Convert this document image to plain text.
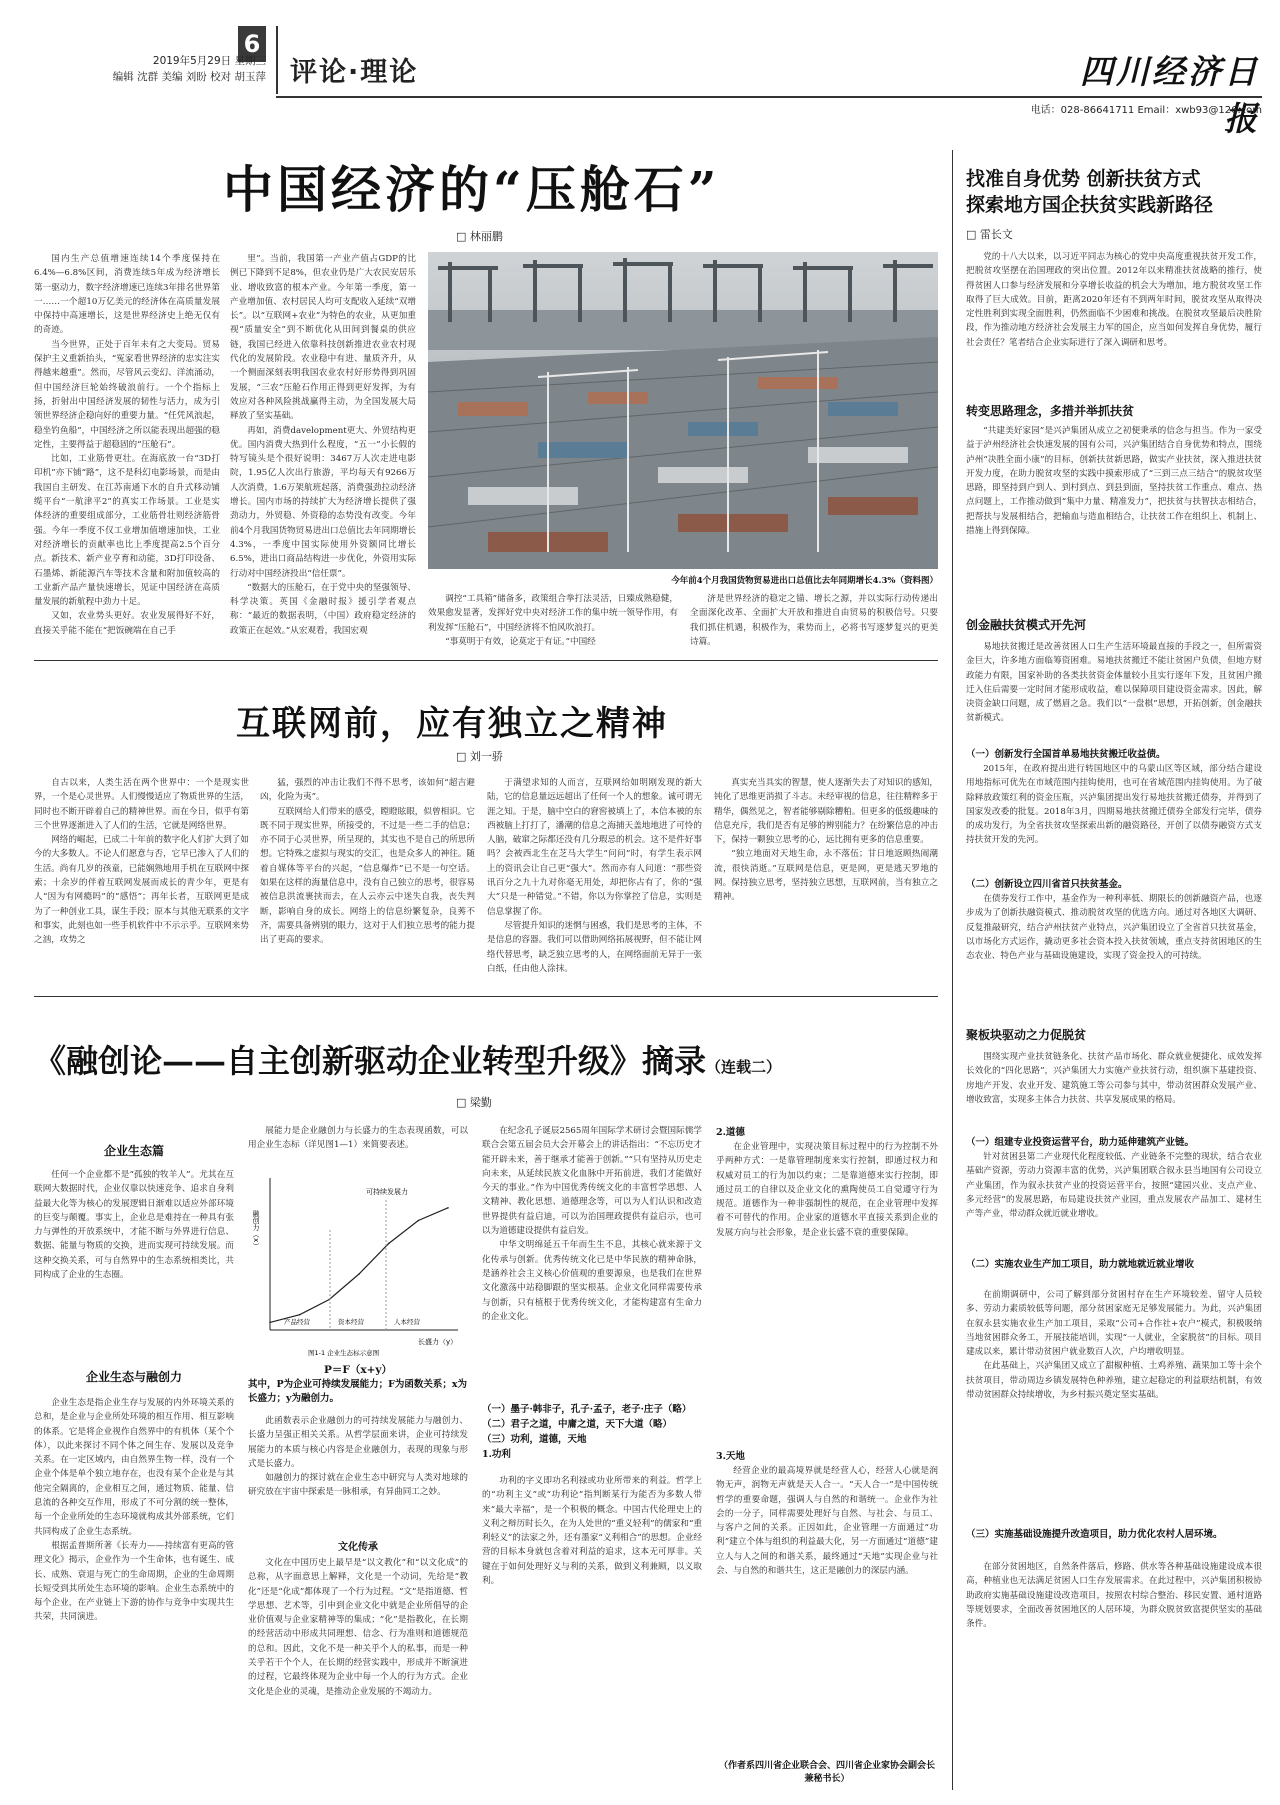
6
2019年5月29日 星期三
编辑 沈群 美编 刘盼 校对 胡玉萍 评论·理论	四川经济日报
电话：028-86641711 Email：xwb93@126.com
中国经济的“压舱石”
□ 林丽鹏

国内生产总值增速连续14个季度保持在6.4%—6.8%区间，消费连续5年成为经济增长第一驱动力，数字经济增速已连续3年排名世界第一……一个超10万亿美元的经济体在高质量发展中保持中高速增长，这是世界经济史上绝无仅有的奇迹。

当今世界，正处于百年未有之大变局。贸易保护主义重新抬头，“冤家看世界经济的忠实注实得越来越重”。然而，尽管风云变幻、洋流涌动，但中国经济巨轮始终破浪前行。一个个指标上扬，折射出中国经济发展的韧性与活力，成为引领世界经济企稳向好的重要力量。“任凭风浪起，稳坐钓鱼船”，中国经济之所以能表现出超强的稳定性，主要得益于超稳固的“压舱石”。

比如，工业筋骨更壮。在海底放一台“3D打印机”亦下铺“路”，这不是科幻电影场景，而是由我国自主研发、在江苏南通下水的自升式移动铺缆平台“一航津平2”的真实工作场景。工业是实体经济的重要组成部分，工业筋骨壮则经济筋骨强。今年一季度不仅工业增加值增速加快，工业对经济增长的贡献率也比上季度提高2.5个百分点。新技术、新产业亨育和动能，3D打印设备、石墨烯、新能源汽车等技术含量和附加值较高的工业新产品产量快速增长，见证中国经济在高质量发展的新航程中劲力十足。

又如，农业势头更好。农业发展得好不好，直接关乎能不能在“把饭碗端在自己手

里”。当前，我国第一产业产值占GDP的比例已下降到不足8%，但农业仍是广大农民安居乐业、增收致富的根本产业。今年第一季度，第一产业增加值、农村居民人均可支配收入延续“双增长”。以“互联网+农业”为特色的农业，从更加重视“质量安全”到不断优化从田间到餐桌的供应链，我国已经进入依靠科技创新推进农业农村现代化的发展阶段。农业稳中有进、量质齐升，从一个侧面深刻表明我国农业农村好形势得到巩固发展，“三农”压舱石作用正得到更好发挥，为有效应对各种风险挑战赢得主动，为全国发展大局释放了坚实基础。

再如，消费davelopment更大、外贸结构更优。国内消费大热到什么程度，“五一”小长假的特写镜头是个很好说明：3467万人次走进电影院，1.95亿人次出行旅游，平均每天有9266万人次消费，1.6万架航班起落，消费强劲拉动经济增长。国内市场的持续扩大为经济增长提供了强劲动力，外贸稳、外资稳的态势没有改变。今年前4个月我国货物贸易进出口总值比去年同期增长4.3%，一季度中国实际使用外资额同比增长6.5%，进出口商品结构进一步优化，外资用实际行动对中国经济投出“信任票”。

“数据大的压舱石，在于党中央的坚强领导、科学决策。英国《金融时报》援引学者观点称：“最近的数据表明，（中国）政府稳定经济的政策正在起效。”从宏观看，我国宏观

今年前4个月我国货物贸易进出口总值比去年同期增长4.3%（资料图）

调控“工具箱”储备多，政策组合拳打法灵活，日臻成熟稳健，效果愈发显著，发挥好党中央对经济工作的集中统一领导作用，有利发挥“压舱石”，中国经济将不怕风吹浪打。

“事莫明于有效，论莫定于有证。”中国经

济是世界经济的稳定之锚、增长之源，并以实际行动传递出全面深化改革、全面扩大开放和推进自由贸易的积极信号。只要我们抓住机遇，积极作为，乘势而上，必将书写逐梦复兴的更美诗篇。

互联网前，应有独立之精神
□ 刘一骄

自古以来，人类生活在两个世界中：一个是现实世界，一个是心灵世界。人们慢慢适应了物质世界的生活，同时也不断开辟着自己的精神世界。而在今日，似乎有第三个世界逐渐进入了人们的生活，它就是网络世界。

网络的崛起，已成二十年前的数字化人们扩大到了如今的大多数人。不论人们愿意与否，它早已渗入了人们的生活。尚有几岁的孩童，已能娴熟地用手机在互联网中探索；十余岁的伴着互联网发展而成长的青少年，更是有人“因为有网瘾吗”的“感悟”；再年长者，互联网更是成为了一种创业工具，谋生手段；原本与其他无联系的文字和事实，此刻也如一些手机软件中不示示乎。互联网来势之汹，攻势之

猛，强烈的冲击让我们不得不思考，该如何“超吉避凶，化险为夷”。

互联网给人们带来的感受，瞠瞪眩眼，似曾相识。它既不同于现实世界，所接受的，不过是一些二手的信息；亦不同于心灵世界，所呈现的，其实也不是自己的所思所想。它特殊之虚拟与现实的交汇，也是众多人的神往。随着自媒体等平台的兴起，“信息爆炸”已不是一句空话。如果在这样的海量信息中，没有自己独立的思考，很容易被信息洪流裹挟而去，在人云亦云中迷失自我，丧失判断，影响自身的成长。网络上的信息纷繁复杂，良莠不齐，需要具备辨别的眼力，这对于人们独立思考的能力提出了更高的要求。

于满望求知的人而言，互联网给如明刚发现的新大陆，它的信息量远远超出了任何一个人的想象。诚可谓无涯之知。于是，脑中空白的窘窖被填上了，本信本被的东西被脑上打打了，潘潮的信息之海捕天盖地地进了可怜的人脑，破窜之际都还没有几分瑕忌的机会。这不是件好事吗？会被西北生在芝马大学生“问问”时，有学生表示网上的资讯会让自己更“强大”。然而亦有人问道：“那些资讯百分之九十九对你毫无用处，却把你占有了，你的“强大”只是一种错觉。”不错，你以为你掌控了信息，实则是信息掌握了你。

尽管提升知识的迷惘与困惑，我们是思考的主体，不是信息的容器。我们可以借助网络拓展视野，但不能让网络代替思考，缺乏独立思考的人，在网络面前无异于一张白纸，任由他人涂抹。

真实充当具实的智慧，使人逐渐失去了对知识的感知，钝化了思维更消损了斗志。未经审视的信息，往往精粹多于精华，偶然见之，智者能够剔除糟粕。但更多的低级趣味的信息充斥，我们是否有足够的辨别能力？在纷繁信息的冲击下，保持一颗独立思考的心，远比拥有更多的信息重要。

“独立地面对天地生命，永不落伍；甘日地返顾热闹潮流，很快消逝。”互联网是信息，更是网，更是逃天罗地的网。保持独立思考，坚持独立思想，互联网前，当有独立之精神。

《融创论——自主创新驱动企业转型升级》摘录（连载二）
□ 梁勤
企业生态篇

任何一个企业都不是“孤独的牧羊人”。尤其在互联网大数据时代，企业仅靠以快速竞争、追求自身利益最大化等为核心的发展逻辑日渐难以适应外部环境的巨变与颠覆。事实上，企业总是难持在一种具有张力与弹性的开放系统中，才能不断与外界进行信息、数据、能量与物质的交换，进而实现可持续发展。而这种交换关系，可与自然界中的生态系统相类比，共同构成了企业的生态圈。

企业生态与融创力

企业生态是指企业生存与发展的内外环境关系的总和，是企业与企业所处环境的相互作用、相互影响的体系。它是将企业视作自然界中的有机体（某个个体），以此来探讨不同个体之间生存、发展以及竞争关系。在一定区域内，由自然界生物一样，没有一个企业个体是单个独立地存在，也没有某个企业是与其他完全隔离的，企业相互之间，通过物质、能量、信息流的各种交互作用，形成了不可分割的统一整体，每一个企业所处的生态环境就构成其外部系统，它们共同构成了企业生态系统。

根据孟普斯所著《长寿力——持续富有更高的管理文化》揭示，企业作为一个生命体，也有诞生、成长、成熟、衰退与死亡的生命周期，企业的生命周期长短受到其所处生态环境的影响。企业生态系统中的每个企业，在产业链上下游的协作与竞争中实现共生共荣，共同演进。

展能力是企业融创力与长盛力的生态表现函数，可以用企业生态标（详见图1—1）来简要表述。

融创力（x）
长盛力（y）
可持续发展力
产品经营	资本经营	人本经营
图1-1 企业生态标示意图
P＝F（x+y）
其中，P为企业可持续发展能力；F为函数关系；x为长盛力；y为融创力。

此函数表示企业融创力的可持续发展能力与融创力、长盛力呈强正相关关系。从哲学层面来讲，企业可持续发展能力的本质与核心内容是企业融创力，表现的现象与形式是长盛力。

如融创力的探讨就在企业生态中研究与人类对地球的研究放在宇宙中探索是一脉相承，有异曲同工之妙。

文化传承

文化在中国历史上最早是“以文教化”和“以文化成”的总称，从字面意思上解释，文化是一个动词，先给是“教化”还是“化成”都体现了一个行为过程。“文”是指道德、哲学思想、艺术等，引申到企业文化中就是企业所倡导的企业价值观与企业家精神等的集成；“化”是指教化，在长期的经营活动中形成共同理想、信念、行为准则和道德规范的总和。因此，文化不是一种关乎个人的私事，而是一种关乎若干个个人，在长期的经营实践中，形成并不断演进的过程，它最终体现为企业中每一个人的行为方式。企业文化是企业的灵魂，是推动企业发展的不竭动力。

在纪念孔子诞辰2565周年国际学术研讨会暨国际儒学联合会第五届会员大会开幕会上的讲话指出：“不忘历史才能开辟未来，善于继承才能善于创新。”“只有坚持从历史走向未来，从延续民族文化血脉中开拓前进，我们才能做好今天的事业。”作为中国优秀传统文化的丰富哲学思想、人文精神、教化思想、道德理念等，可以为人们认识和改造世界提供有益启迪，可以为治国理政提供有益启示，也可以为道德建设提供有益启发。

中华文明绵延五千年而生生不息，其核心就来源于文化传承与创新。优秀传统文化已是中华民族的精神命脉，是涵养社会主义核心价值观的重要源泉，也是我们在世界文化激荡中站稳脚跟的坚实根基。企业文化同样需要传承与创新，只有植根于优秀传统文化，才能构建富有生命力的企业文化。

（一）墨子·韩非子，孔子·孟子，老子·庄子（略）
（二）君子之道，中庸之道，天下大道（略）
（三）功利，道德，天地
1.功利

功利的字义即功名利禄或功业所带来的利益。哲学上的“功利主义”或“功利论”指判断某行为能否为多数人带来“最大幸福”，是一个积极的概念。中国古代伦理史上的义利之辩历时长久，在为人处世的“重义轻利”的儒家和“重利轻义”的法家之外，还有墨家“义利相合”的思想。企业经营的目标本身就包含着对利益的追求，这本无可厚非。关键在于如何处理好义与利的关系，做到义利兼顾，以义取利。

2.道德

在企业管理中，实现决策目标过程中的行为控制不外乎两种方式：一是靠管理制度来实行控制，即通过权力和权威对员工的行为加以约束；二是靠道德来实行控制，即通过员工的自律以及企业文化的熏陶使员工自觉遵守行为规范。道德作为一种非强制性的规范，在企业管理中发挥着不可替代的作用。企业家的道德水平直接关系到企业的发展方向与社会形象，是企业长盛不衰的重要保障。

3.天地

经营企业的最高境界就是经营人心，经营人心就是润物无声，润物无声就是天人合一。“天人合一”是中国传统哲学的重要命题，强调人与自然的和谐统一。企业作为社会的一分子，同样需要处理好与自然、与社会、与员工、与客户之间的关系。正因如此，企业管理一方面通过“功利”建立个体与组织的利益最大化，另一方面通过“道德”建立人与人之间的和谐关系，最终通过“天地”实现企业与社会、与自然的和谐共生，这正是融创力的深层内涵。

（作者系四川省企业联合会、四川省企业家协会副会长兼秘书长）
找准自身优势 创新扶贫方式
探索地方国企扶贫实践新路径
□ 雷长文

党的十八大以来，以习近平同志为核心的党中央高度重视扶贫开发工作，把脱贫攻坚摆在治国理政的突出位置。2012年以来精准扶贫战略的推行，使得贫困人口参与经济发展和分享增长收益的机会大为增加，地方脱贫攻坚工作取得了巨大成效。目前，距离2020年还有不到两年时间，脱贫攻坚从取得决定性胜利到实现全面胜利，仍然面临不少困难和挑战。在脱贫攻坚最后决胜阶段，作为推动地方经济社会发展主力军的国企，应当如何发挥自身优势，履行社会责任？笔者结合企业实际进行了深入调研和思考。

转变思路理念，多措并举抓扶贫

“共建美好家园”是兴泸集团从成立之初便秉承的信念与担当。作为一家受益于泸州经济社会快速发展的国有公司，兴泸集团结合自身优势和特点，围绕泸州“决胜全面小康”的目标，创新扶贫新思路，做实产业扶贫，深入推进扶贫开发力度，在助力脱贫攻坚的实践中摸索形成了“三到三点三结合”的脱贫攻坚思路，即坚持到户到人、到村到点、到县到面，坚持扶贫工作重点、难点、热点问题上，工作推动做到“集中力量、精准发力”，把扶贫与扶智扶志相结合，把帮扶与发展相结合，把输血与造血相结合，让扶贫工作在组织上、机制上、措施上得到保障。

创金融扶贫模式开先河

易地扶贫搬迁是改善贫困人口生产生活环境最直接的手段之一，但所需资金巨大，许多地方面临筹资困难。易地扶贫搬迁不能让贫困户负债，但地方财政能力有限，国家补助的各类扶贫资金体量较小且实行逐年下发，且贫困户搬迁入住后需要一定时间才能形成收益，难以保障项目建设资金需求。因此，解决资金缺口问题，成了燃眉之急。我们以“一盘棋”思想，开拓创新，创金融扶贫新模式。

（一）创新发行全国首单易地扶贫搬迁收益债。

2015年，在政府提出进行转国地区中的乌蒙山区等区域，部分结合建设用地指标可优先在市域范围内挂钩使用，也可在省域范围内挂钩使用。为了破除释放政策红利的资金压瓶，兴泸集团提出发行易地扶贫搬迁债券，并得到了国家发改委的批复。2018年3月，四期易地扶贫搬迁债券全部发行完毕，债券的成功发行，为全省扶贫攻坚探索出新的融资路径，开创了以债券融资方式支持扶贫开发的先河。

（二）创新设立四川省首只扶贫基金。

在债券发行工作中，基金作为一种利率低、期限长的创新融资产品，也逐步成为了创新扶融资模式、推动脱贫攻坚的优选方向。通过对各地区大调研、反复推敲研究，结合泸州扶贫产业特点，兴泸集团设立了全省首只扶贫基金，以市场化方式运作，撬动更多社会资本投入扶贫领域，重点支持贫困地区的生态农业、特色产业与基础设施建设，实现了资金投入的可持续。

聚板块驱动之力促脱贫

围绕实现产业扶贫链条化、扶贫产品市场化、群众就业便捷化、成效发挥长效化的“四化思路”，兴泸集团大力实施产业扶贫行动，组织旗下基建投资、房地产开发、农业开发、建筑施工等公司参与其中，带动贫困群众发展产业、增收致富，实现多主体合力扶贫、共享发展成果的格局。

（一）组建专业投资运营平台，助力延伸建筑产业链。

针对贫困县第二产业现代化程度较低、产业链条不完整的现状，结合农业基础产资源，劳动力资源丰富的优势，兴泸集团联合叙永县当地国有公司设立产业集团，作为叙永扶贫产业的投资运营平台，按照“建园兴业、支点产业、多元经营”的发展思路，布局建设扶贫产业园，重点发展农产品加工、建材生产等产业，带动群众就近就业增收。

（二）实施农业生产加工项目，助力就地就近就业增收

在前期调研中，公司了解到部分贫困村存在生产环境较差、留守人员较多、劳动力素质较低等问题，部分贫困家庭无足够发展能力。为此，兴泸集团在叙永县实施农业生产加工项目，采取“公司+合作社+农户”模式，积极吸纳当地贫困群众务工，开展技能培训，实现“一人就业，全家脱贫”的目标。项目建成以来，累计带动贫困户就业数百人次，户均增收明显。

在此基础上，兴泸集团又成立了甜椒种植、土鸡养殖、蔬果加工等十余个扶贫项目，带动周边乡镇发展特色种养殖，建立起稳定的利益联结机制，有效带动贫困群众持续增收，为乡村振兴奠定坚实基础。

（三）实施基础设施提升改造项目，助力优化农村人居环境。

在部分贫困地区，自然条件落后，修路、供水等各种基础设施建设成本很高，种植业也无法满足贫困人口生存发展需求。在此过程中，兴泸集团积极协助政府实施基础设施建设改造项目，按照农村综合整治、移民安置、通村道路等规划要求，全面改善贫困地区的人居环境，为群众脱贫致富提供坚实的基础条件。
